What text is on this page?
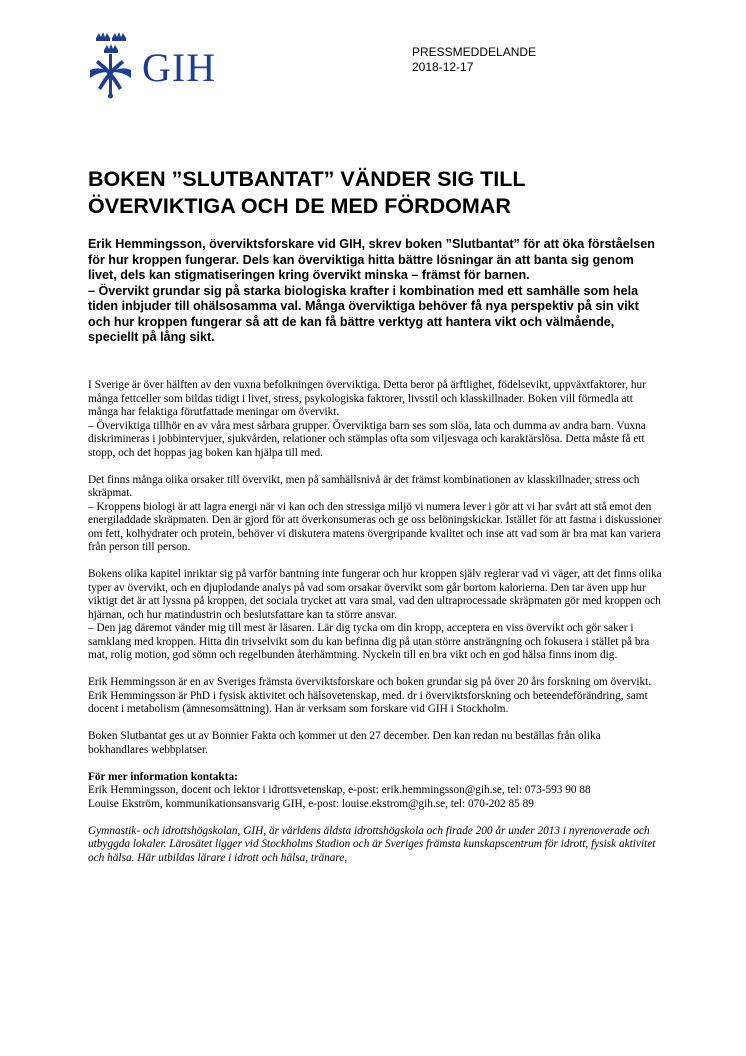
GIH	PRESSMEDDELANDE
2018-12-17
BOKEN ”SLUTBANTAT” VÄNDER SIG TILL
ÖVERVIKTIGA OCH DE MED FÖRDOMAR

Erik Hemmingsson, överviktsforskare vid GIH, skrev boken ”Slutbantat” för att öka förståelsen för hur kroppen fungerar. Dels kan överviktiga hitta bättre lösningar än att banta sig genom livet, dels kan stigmatiseringen kring övervikt minska – främst för barnen.

– Övervikt grundar sig på starka biologiska krafter i kombination med ett samhälle som hela tiden inbjuder till ohälsosamma val. Många överviktiga behöver få nya perspektiv på sin vikt och hur kroppen fungerar så att de kan få bättre verktyg att hantera vikt och välmående, speciellt på lång sikt.

I Sverige är över hälften av den vuxna befolkningen överviktiga. Detta beror på ärftlighet, födelsevikt, uppväxtfaktorer, hur många fettceller som bildas tidigt i livet, stress, psykologiska faktorer, livsstil och klasskillnader. Boken vill förmedla att många har felaktiga förutfattade meningar om övervikt.

– Överviktiga tillhör en av våra mest sårbara grupper. Överviktiga barn ses som slöa, lata och dumma av andra barn. Vuxna diskrimineras i jobbintervjuer, sjukvården, relationer och stämplas ofta som viljesvaga och karaktärslösa. Detta måste få ett stopp, och det hoppas jag boken kan hjälpa till med.

Det finns många olika orsaker till övervikt, men på samhällsnivå är det främst kombinationen av klasskillnader, stress och skräpmat.

– Kroppens biologi är att lagra energi när vi kan och den stressiga miljö vi numera lever i gör att vi har svårt att stå emot den energiladdade skräpmaten. Den är gjord för att överkonsumeras och ge oss belöningskickar. Istället för att fastna i diskussioner om fett, kolhydrater och protein, behöver vi diskutera matens övergripande kvalitet och inse att vad som är bra mat kan variera från person till person.

Bokens olika kapitel inriktar sig på varför bantning inte fungerar och hur kroppen själv reglerar vad vi väger, att det finns olika typer av övervikt, och en djuplodande analys på vad som orsakar övervikt som går bortom kalorierna. Den tar även upp hur viktigt det är att lyssna på kroppen, det sociala trycket att vara smal, vad den ultraprocessade skräpmaten gör med kroppen och hjärnan, och hur matindustrin och beslutsfattare kan ta större ansvar.

– Den jag däremot vänder mig till mest är läsaren. Lär dig tycka om din kropp, acceptera en viss övervikt och gör saker i samklang med kroppen. Hitta din trivselvikt som du kan befinna dig på utan större ansträngning och fokusera i stället på bra mat, rolig motion, god sömn och regelbunden återhämtning. Nyckeln till en bra vikt och en god hälsa finns inom dig.

Erik Hemmingsson är en av Sveriges främsta överviktsforskare och boken grundar sig på över 20 års forskning om övervikt. Erik Hemmingsson är PhD i fysisk aktivitet och hälsovetenskap, med. dr i överviktsforskning och beteendeförändring, samt docent i metabolism (ämnesomsättning). Han är verksam som forskare vid GIH i Stockholm.

Boken Slutbantat ges ut av Bonnier Fakta och kommer ut den 27 december. Den kan redan nu beställas från olika bokhandlares webbplatser.

För mer information kontakta:
Erik Hemmingsson, docent och lektor i idrottsvetenskap, e-post: erik.hemmingsson@gih.se, tel: 073-593 90 88
Louise Ekström, kommunikationsansvarig GIH, e-post: louise.ekstrom@gih.se, tel: 070-202 85 89
Gymnastik- och idrottshögskolan, GIH, är världens äldsta idrottshögskola och firade 200 år under 2013 i nyrenoverade och utbyggda lokaler. Lärosätet ligger vid Stockholms Stadion och är Sveriges främsta kunskapscentrum för idrott, fysisk aktivitet och hälsa. Här utbildas lärare i idrott och hälsa, tränare,
